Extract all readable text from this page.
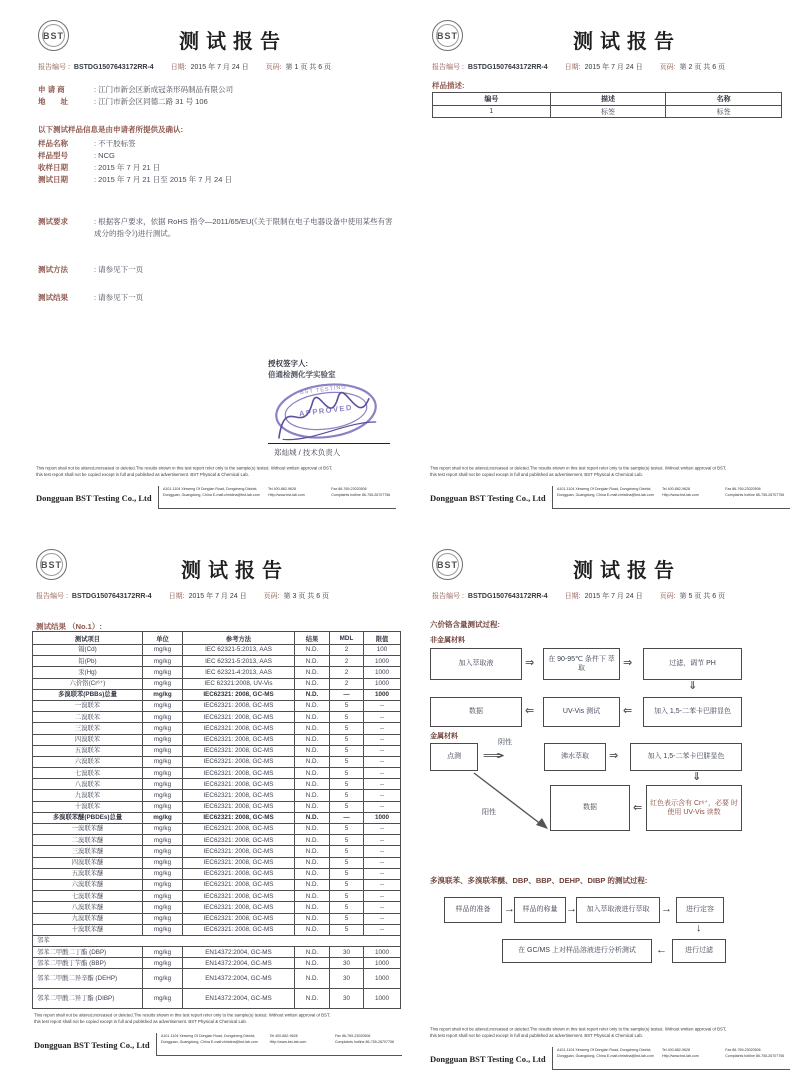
BST	测试报告
报告编号 : BSTDG1507643172RR-4 日期: 2015 年 7 月 24 日 页码: 第 1 页 共 6 页
申 请 商	: 江门市新会区新成冠条形码制品有限公司
地　　址	: 江门市新会区同德二路 31 号 106
以下测试样品信息是由申请者所提供及确认:
样品名称	: 不干胶标签
样品型号	: NCG
收样日期	: 2015 年 7 月 21 日
测试日期	: 2015 年 7 月 21 日至 2015 年 7 月 24 日
测试要求	: 根据客户要求，依据 RoHS 指令—2011/65/EU(《关于限制在电子电器设备中使用某些有害成分的指令》)进行测试。
测试方法	: 请参见下一页
测试结果	: 请参见下一页
授权签字人:
倍通检测化学实验室
BST TESTING
APPROVED
郑灿城 / 技术负责人
This report shall not be altered,increased or deleted.The results shown in this test report refer only to the sample(s) tested. Without written approval of BST,
this test report shall not be copied except in full and published as advertisement. BST Physical & Chemical Lab.
Dongguan BST Testing Co., Ltd
A101-1104 Xinweng Of Donglan Road, Dongcheng District,	Tel 400-882-9628	Fax 86-769-23020506
Dongguan, Guangdong, China E-mail:christina@bst-lab.com	Http://www.bst-lab.com	Complaints hotline 86-755-26707756
BST	测试报告
报告编号 : BSTDG1507643172RR-4 日期: 2015 年 7 月 24 日 页码: 第 2 页 共 6 页
样品描述:
编号	描述	名称
1	标签	标签
This report shall not be altered,increased or deleted.The results shown in this test report refer only to the sample(s) tested. Without written approval of BST,
this test report shall not be copied except in full and published as advertisement. BST Physical & Chemical Lab.
Dongguan BST Testing Co., Ltd
A101-1104 Xinweng Of Donglan Road, Dongcheng District,	Tel 400-882-9628	Fax 86-769-23020506
Dongguan, Guangdong, China E-mail:christina@bst-lab.com	Http://www.bst-lab.com	Complaints hotline 86-755-26707756
BST	测试报告
报告编号 : BSTDG1507643172RR-4 日期: 2015 年 7 月 24 日 页码: 第 3 页 共 6 页
测试结果 （No.1）:
测试项目	单位	参考方法	结果	MDL	限值
镉(Cd)	mg/kg	IEC 62321-5:2013, AAS	N.D.	2	100
铅(Pb)	mg/kg	IEC 62321-5:2013, AAS	N.D.	2	1000
汞(Hg)	mg/kg	IEC 62321-4:2013, AAS	N.D.	2	1000
六价铬(Cr⁶⁺)	mg/kg	IEC 62321:2008, UV-Vis	N.D.	2	1000
多溴联苯(PBBs)总量	mg/kg	IEC62321: 2008, GC-MS	N.D.	—	1000
一溴联苯	mg/kg	IEC62321: 2008, GC-MS	N.D.	5	--
二溴联苯	mg/kg	IEC62321: 2008, GC-MS	N.D.	5	--
三溴联苯	mg/kg	IEC62321: 2008, GC-MS	N.D.	5	--
四溴联苯	mg/kg	IEC62321: 2008, GC-MS	N.D.	5	--
五溴联苯	mg/kg	IEC62321: 2008, GC-MS	N.D.	5	--
六溴联苯	mg/kg	IEC62321: 2008, GC-MS	N.D.	5	--
七溴联苯	mg/kg	IEC62321: 2008, GC-MS	N.D.	5	--
八溴联苯	mg/kg	IEC62321: 2008, GC-MS	N.D.	5	--
九溴联苯	mg/kg	IEC62321: 2008, GC-MS	N.D.	5	--
十溴联苯	mg/kg	IEC62321: 2008, GC-MS	N.D.	5	--
多溴联苯醚(PBDEs)总量	mg/kg	IEC62321: 2008, GC-MS	N.D.	—	1000
一溴联苯醚	mg/kg	IEC62321: 2008, GC-MS	N.D.	5	--
二溴联苯醚	mg/kg	IEC62321: 2008, GC-MS	N.D.	5	--
三溴联苯醚	mg/kg	IEC62321: 2008, GC-MS	N.D.	5	--
四溴联苯醚	mg/kg	IEC62321: 2008, GC-MS	N.D.	5	--
五溴联苯醚	mg/kg	IEC62321: 2008, GC-MS	N.D.	5	--
六溴联苯醚	mg/kg	IEC62321: 2008, GC-MS	N.D.	5	--
七溴联苯醚	mg/kg	IEC62321: 2008, GC-MS	N.D.	5	--
八溴联苯醚	mg/kg	IEC62321: 2008, GC-MS	N.D.	5	--
九溴联苯醚	mg/kg	IEC62321: 2008, GC-MS	N.D.	5	--
十溴联苯醚	mg/kg	IEC62321: 2008, GC-MS	N.D.	5	--
邻苯					
邻苯二甲酸二丁酯 (DBP)	mg/kg	EN14372:2004, GC-MS	N.D.	30	1000
邻苯二甲酸丁苄酯 (BBP)	mg/kg	EN14372:2004, GC-MS	N.D.	30	1000
邻苯二甲酸二异辛酯 (DEHP)	mg/kg	EN14372:2004, GC-MS	N.D.	30	1000
邻苯二甲酸二异丁酯 (DIBP)	mg/kg	EN14372:2004, GC-MS	N.D.	30	1000
This report shall not be altered,increased or deleted.The results shown in this test report refer only to the sample(s) tested. Without written approval of BST,
this test report shall not be copied except in full and published as advertisement. BST Physical & Chemical Lab.
Dongguan BST Testing Co., Ltd
A101-1104 Xinweng Of Donglan Road, Dongcheng District,	Tel 400-882-9628	Fax 86-769-23020506
Dongguan, Guangdong, China E-mail:christina@bst-lab.com	Http://www.bst-lab.com	Complaints hotline 86-755-26707756
BST	测试报告
报告编号 : BSTDG1507643172RR-4 日期: 2015 年 7 月 24 日 页码: 第 5 页 共 6 页
六价铬含量测试过程:
非金属材料
加入萃取液
⇒
在 90-95℃ 条件下 萃取
⇒
过滤，调节 PH
⇓
数据 ⇐	UV-Vis 测试 ⇐	加入 1,5-二苯卡巴肼显色
金属材料
点测
阴性
⇒
沸水萃取 ⇒	加入 1,5-二苯卡巴肼显色
⇓
数据
⇐
红色表示含有 Cr⁶⁺，必要 时使用 UV-Vis 读数
阳性
多溴联苯、多溴联苯醚、DBP、BBP、DEHP、DIBP 的测试过程:
样品的准备 →	样品的称量 →	加入萃取液进行萃取 →	进行定容
↓
进行过滤
←
在 GC/MS 上对样品溶液进行分析测试
This report shall not be altered,increased or deleted.The results shown in this test report refer only to the sample(s) tested. Without written approval of BST,
this test report shall not be copied except in full and published as advertisement. BST Physical & Chemical Lab.
Dongguan BST Testing Co., Ltd
A101-1104 Xinweng Of Donglan Road, Dongcheng District,	Tel 400-882-9628	Fax 86-769-23020506
Dongguan, Guangdong, China E-mail:christina@bst-lab.com	Http://www.bst-lab.com	Complaints hotline 86-755-26707756
